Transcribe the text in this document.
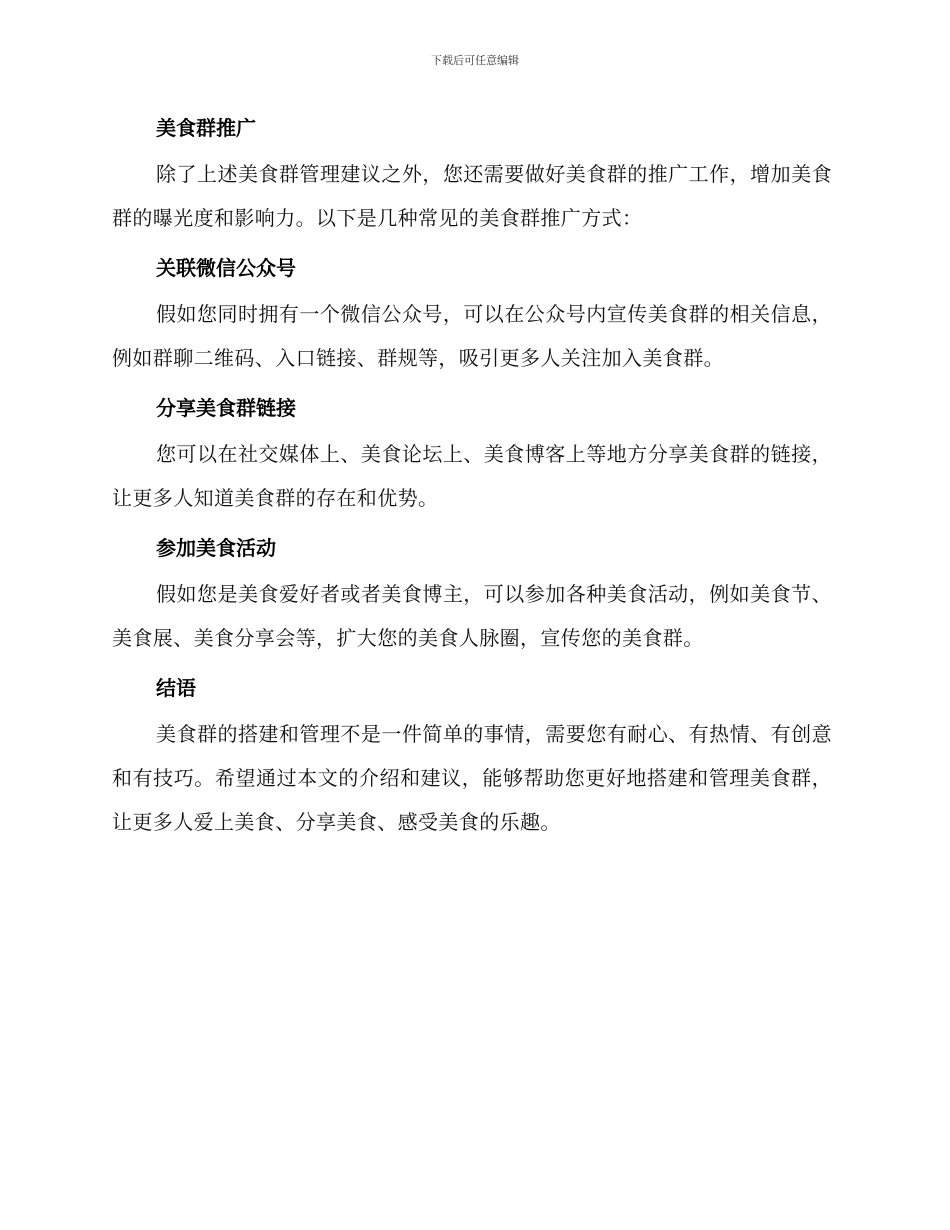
下载后可任意编辑
美食群推广

除了上述美食群管理建议之外，您还需要做好美食群的推广工作，增加美食群的曝光度和影响力。以下是几种常见的美食群推广方式：

关联微信公众号

假如您同时拥有一个微信公众号，可以在公众号内宣传美食群的相关信息，例如群聊二维码、入口链接、群规等，吸引更多人关注加入美食群。

分享美食群链接

您可以在社交媒体上、美食论坛上、美食博客上等地方分享美食群的链接，让更多人知道美食群的存在和优势。

参加美食活动

假如您是美食爱好者或者美食博主，可以参加各种美食活动，例如美食节、美食展、美食分享会等，扩大您的美食人脉圈，宣传您的美食群。

结语

美食群的搭建和管理不是一件简单的事情，需要您有耐心、有热情、有创意和有技巧。希望通过本文的介绍和建议，能够帮助您更好地搭建和管理美食群，让更多人爱上美食、分享美食、感受美食的乐趣。
